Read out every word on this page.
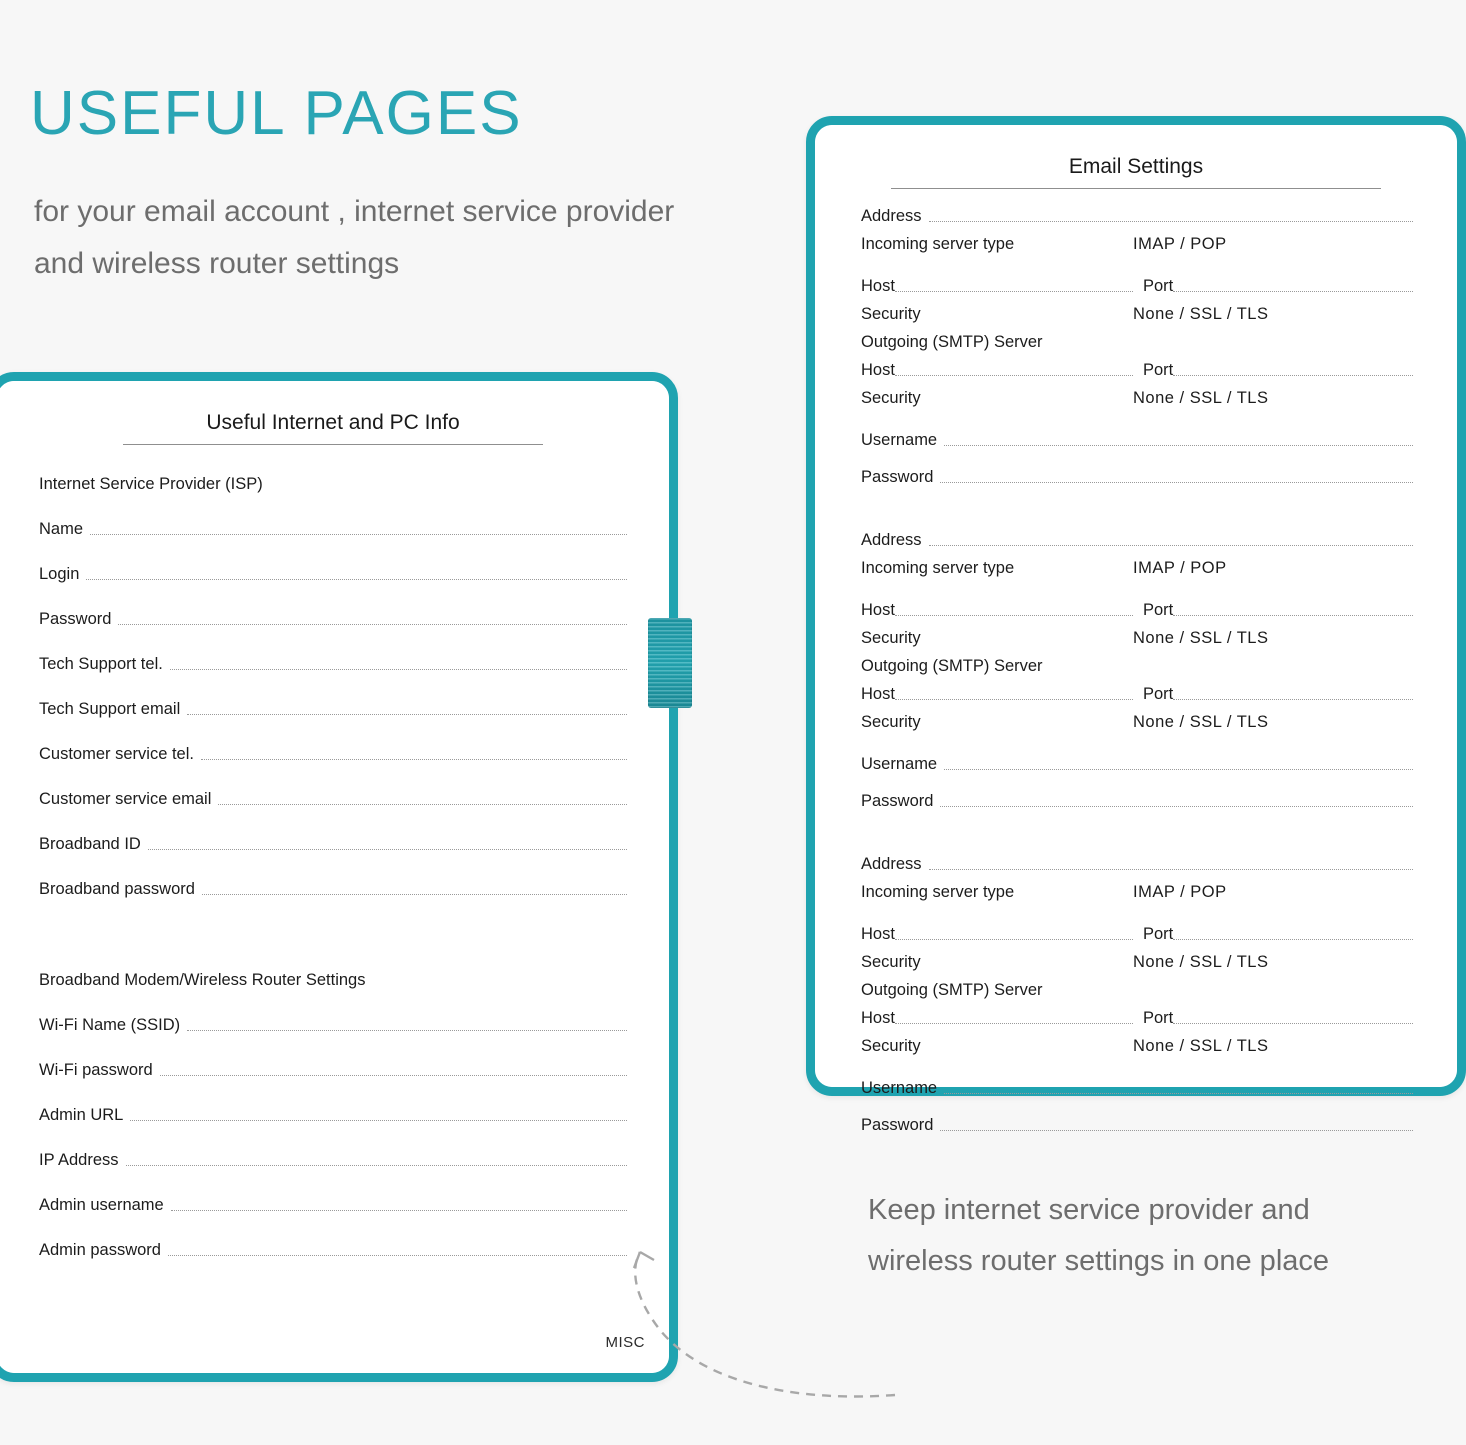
USEFUL PAGES
for your email account , internet service provider and wireless router settings
Useful Internet and PC Info
Internet Service Provider (ISP)
Name
Login
Password
Tech Support tel.
Tech Support email
Customer service tel.
Customer service email
Broadband ID
Broadband password
Broadband Modem/Wireless Router Settings
Wi-Fi Name (SSID)
Wi-Fi password
Admin URL
IP Address
Admin username
Admin password
MISC
Email Settings
Address
Incoming server type	IMAP / POP
Host	Port
Security	None / SSL / TLS
Outgoing (SMTP) Server
Host	Port
Security	None / SSL / TLS
Username
Password
Address
Incoming server type	IMAP / POP
Host	Port
Security	None / SSL / TLS
Outgoing (SMTP) Server
Host	Port
Security	None / SSL / TLS
Username
Password
Address
Incoming server type	IMAP / POP
Host	Port
Security	None / SSL / TLS
Outgoing (SMTP) Server
Host	Port
Security	None / SSL / TLS
Username
Password
Keep internet service provider and wireless router settings in one place
